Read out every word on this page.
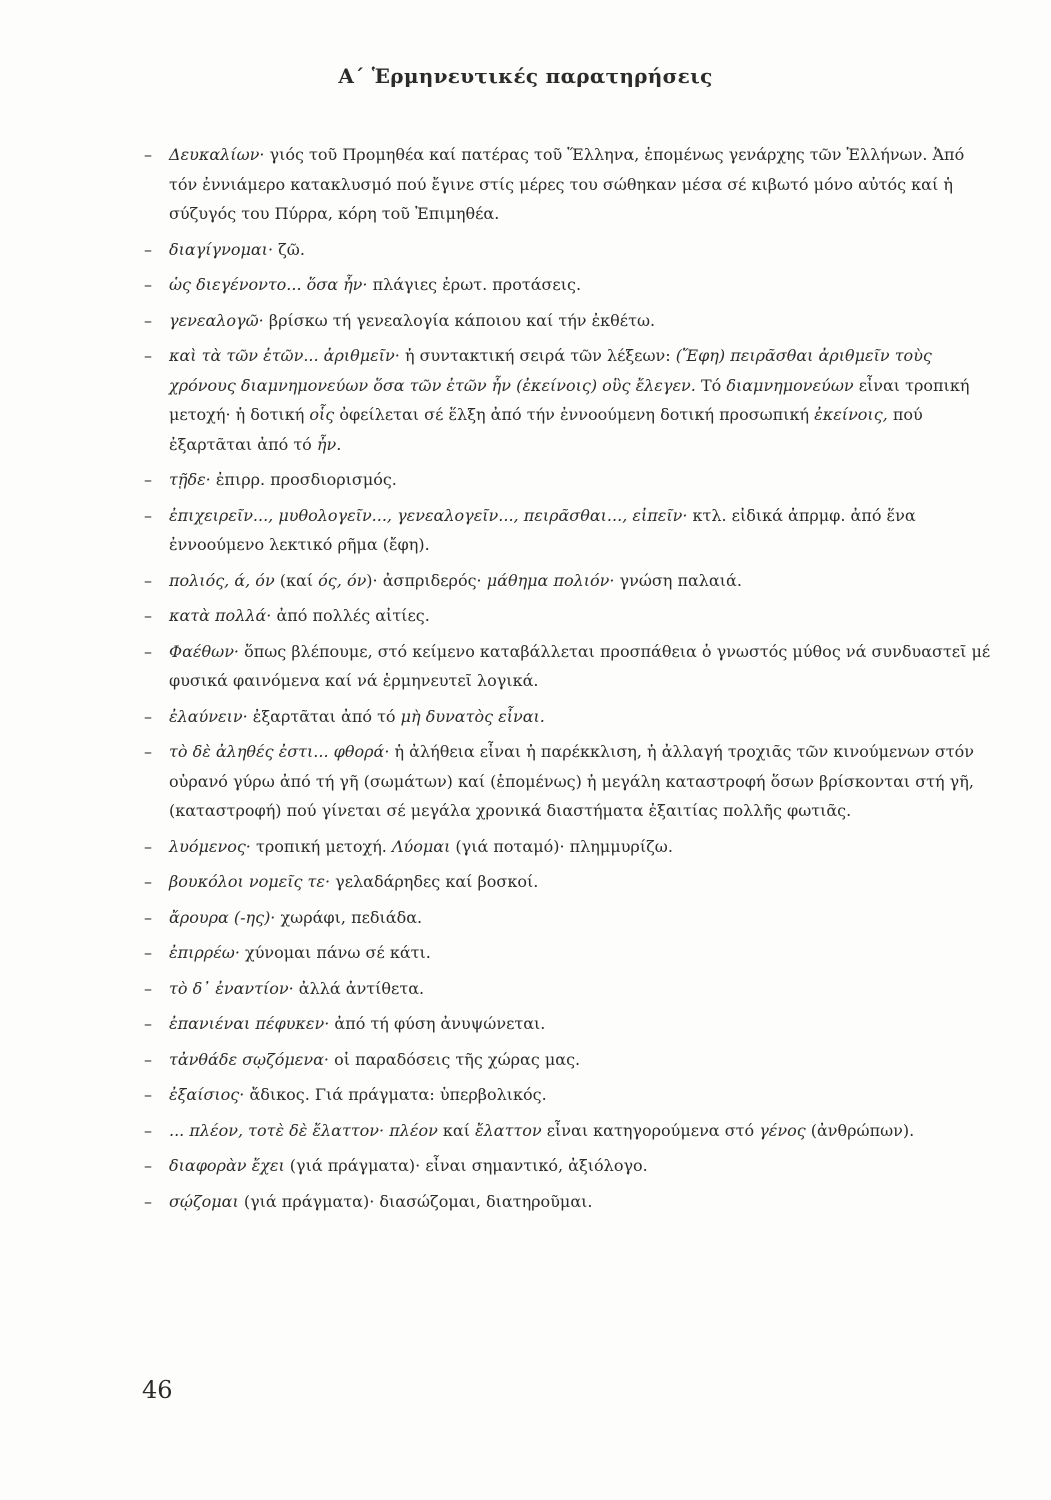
Α΄ Ἑρμηνευτικές παρατηρήσεις
– Δευκαλίων· γιός τοῦ Προμηθέα καί πατέρας τοῦ Ἕλληνα, ἑπομένως γενάρχης τῶν Ἑλλήνων. Ἀπό τόν ἐννιάμερο κατακλυσμό πού ἔγινε στίς μέρες του σώθηκαν μέσα σέ κιβωτό μόνο αὐτός καί ἡ σύζυγός του Πύρρα, κόρη τοῦ Ἐπιμηθέα.
– διαγίγνομαι· ζῶ.
– ὡς διεγένοντο... ὅσα ἦν· πλάγιες ἐρωτ. προτάσεις.
– γενεαλογῶ· βρίσκω τή γενεαλογία κάποιου καί τήν ἐκθέτω.
– καὶ τὰ τῶν ἐτῶν... ἀριθμεῖν· ἡ συντακτική σειρά τῶν λέξεων: (Ἔφη) πειρᾶσθαι ἀριθμεῖν τοὺς χρόνους διαμνημονεύων ὅσα τῶν ἐτῶν ἦν (ἐκείνοις) οὓς ἔλεγεν. Τό διαμνημονεύων εἶναι τροπική μετοχή· ἡ δοτική οἷς ὀφείλεται σέ ἕλξη ἀπό τήν ἐννοούμενη δοτική προσωπική ἐκείνοις, πού ἐξαρτᾶται ἀπό τό ἦν.
– τῇδε· ἐπιρρ. προσδιορισμός.
– ἐπιχειρεῖν..., μυθολογεῖν..., γενεαλογεῖν..., πειρᾶσθαι..., εἰπεῖν· κτλ. εἰδικά ἀπρμφ. ἀπό ἕνα ἐννοούμενο λεκτικό ρῆμα (ἔφη).
– πολιός, ά, όν (καί ός, όν)· ἀσπριδερός· μάθημα πολιόν· γνώση παλαιά.
– κατὰ πολλά· ἀπό πολλές αἰτίες.
– Φαέθων· ὅπως βλέπουμε, στό κείμενο καταβάλλεται προσπάθεια ὁ γνωστός μύθος νά συνδυαστεῖ μέ φυσικά φαινόμενα καί νά ἑρμηνευτεῖ λογικά.
– ἐλαύνειν· ἐξαρτᾶται ἀπό τό μὴ δυνατὸς εἶναι.
– τὸ δὲ ἀληθές ἐστι... φθορά· ἡ ἀλήθεια εἶναι ἡ παρέκκλιση, ἡ ἀλλαγή τροχιᾶς τῶν κινούμενων στόν οὐρανό γύρω ἀπό τή γῆ (σωμάτων) καί (ἑπομένως) ἡ μεγάλη καταστροφή ὅσων βρίσκονται στή γῆ, (καταστροφή) πού γίνεται σέ μεγάλα χρονικά διαστήματα ἐξαιτίας πολλῆς φωτιᾶς.
– λυόμενος· τροπική μετοχή. Λύομαι (γιά ποταμό)· πλημμυρίζω.
– βουκόλοι νομεῖς τε· γελαδάρηδες καί βοσκοί.
– ἄρουρα (-ης)· χωράφι, πεδιάδα.
– ἐπιρρέω· χύνομαι πάνω σέ κάτι.
– τὸ δ᾽ ἐναντίον· ἀλλά ἀντίθετα.
– ἐπανιέναι πέφυκεν· ἀπό τή φύση ἀνυψώνεται.
– τἀνθάδε σῳζόμενα· οἱ παραδόσεις τῆς χώρας μας.
– ἐξαίσιος· ἄδικος. Γιά πράγματα: ὑπερβολικός.
– ... πλέον, τοτὲ δὲ ἔλαττον· πλέον καί ἔλαττον εἶναι κατηγορούμενα στό γένος (ἀνθρώπων).
– διαφορὰν ἔχει (γιά πράγματα)· εἶναι σημαντικό, ἀξιόλογο.
– σῴζομαι (γιά πράγματα)· διασώζομαι, διατηροῦμαι.
46
